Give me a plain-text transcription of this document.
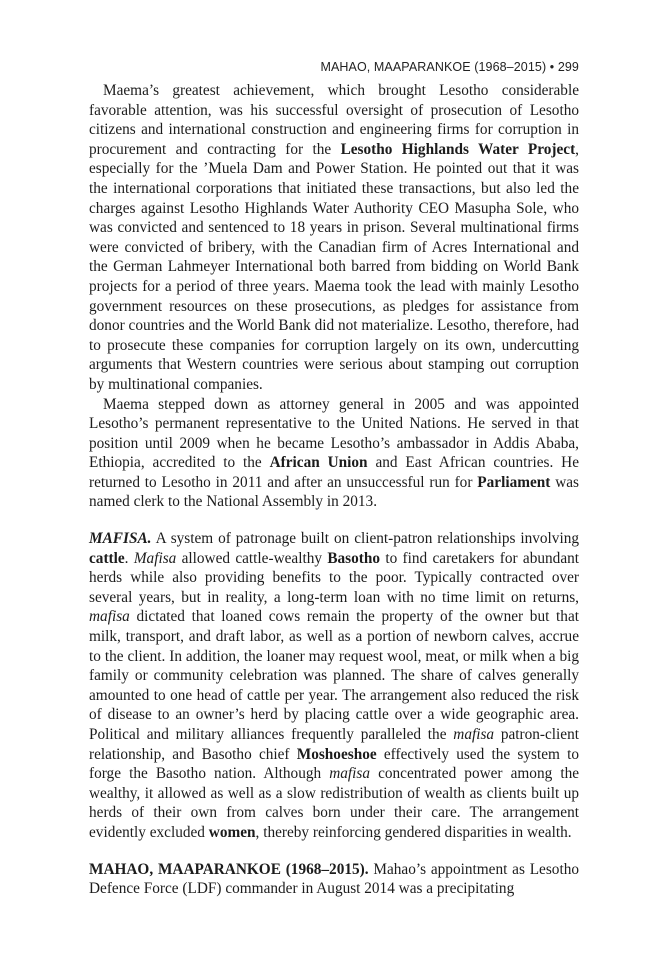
MAHAO, MAAPARANKOE (1968–2015) • 299

Maema’s greatest achievement, which brought Lesotho considerable favorable attention, was his successful oversight of prosecution of Lesotho citizens and international construction and engineering firms for corruption in procurement and contracting for the Lesotho Highlands Water Project, especially for the ’Muela Dam and Power Station. He pointed out that it was the international corporations that initiated these transactions, but also led the charges against Lesotho Highlands Water Authority CEO Masupha Sole, who was convicted and sentenced to 18 years in prison. Several multinational firms were convicted of bribery, with the Canadian firm of Acres International and the German Lahmeyer International both barred from bidding on World Bank projects for a period of three years. Maema took the lead with mainly Lesotho government resources on these prosecutions, as pledges for assistance from donor countries and the World Bank did not materialize. Lesotho, therefore, had to prosecute these companies for corruption largely on its own, undercutting arguments that Western countries were serious about stamping out corruption by multinational companies.

Maema stepped down as attorney general in 2005 and was appointed Lesotho’s permanent representative to the United Nations. He served in that position until 2009 when he became Lesotho’s ambassador in Addis Ababa, Ethiopia, accredited to the African Union and East African countries. He returned to Lesotho in 2011 and after an unsuccessful run for Parliament was named clerk to the National Assembly in 2013.

MAFISA. A system of patronage built on client-patron relationships involving cattle. Mafisa allowed cattle-wealthy Basotho to find caretakers for abundant herds while also providing benefits to the poor. Typically contracted over several years, but in reality, a long-term loan with no time limit on returns, mafisa dictated that loaned cows remain the property of the owner but that milk, transport, and draft labor, as well as a portion of newborn calves, accrue to the client. In addition, the loaner may request wool, meat, or milk when a big family or community celebration was planned. The share of calves generally amounted to one head of cattle per year. The arrangement also reduced the risk of disease to an owner’s herd by placing cattle over a wide geographic area. Political and military alliances frequently paralleled the mafisa patron-client relationship, and Basotho chief Moshoeshoe effectively used the system to forge the Basotho nation. Although mafisa concentrated power among the wealthy, it allowed as well as a slow redistribution of wealth as clients built up herds of their own from calves born under their care. The arrangement evidently excluded women, thereby reinforcing gendered disparities in wealth.

MAHAO, MAAPARANKOE (1968–2015). Mahao’s appointment as Lesotho Defence Force (LDF) commander in August 2014 was a precipitating
